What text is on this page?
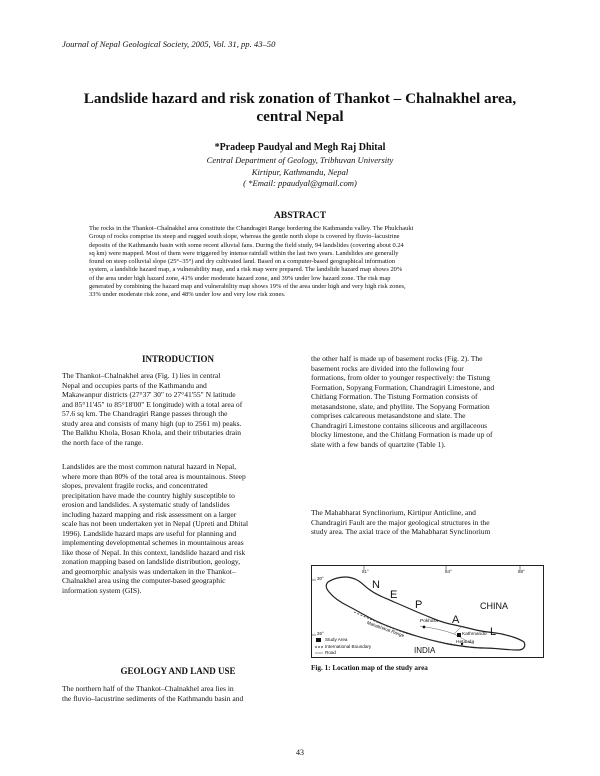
Journal of Nepal Geological Society, 2005, Vol. 31, pp. 43–50
Landslide hazard and risk zonation of Thankot – Chalnakhel area,
central Nepal
*Pradeep Paudyal and Megh Raj Dhital
Central Department of Geology, Tribhuvan University
Kirtipur, Kathmandu, Nepal
( *Email: ppaudyal@gmail.com)
ABSTRACT
The rocks in the Thankot–Chalnakhel area constitute the Chandragiri Range bordering the Kathmandu valley. The Phulchauki
Group of rocks comprise its steep and rugged south slope, whereas the gentle north slope is covered by fluvio–lacustrine
deposits of the Kathmandu basin with some recent alluvial fans. During the field study, 94 landslides (covering about 0.24
sq km) were mapped. Most of them were triggered by intense rainfall within the last two years. Landslides are generally
found on steep colluvial slope (25°–35°) and dry cultivated land. Based on a computer-based geographical information
system, a landslide hazard map, a vulnerability map, and a risk map were prepared. The landslide hazard map shows 20%
of the area under high hazard zone, 41% under moderate hazard zone, and 39% under low hazard zone. The risk map
generated by combining the hazard map and vulnerability map shows 19% of the area under high and very high risk zones,
33% under moderate risk zone, and 48% under low and very low risk zones.
INTRODUCTION
The Thankot–Chalnakhel area (Fig. 1) lies in central
Nepal and occupies parts of the Kathmandu and
Makawanpur districts (27°37' 30" to 27°41'55" N latitude
and 85°11'45" to 85°18'00" E longitude) with a total area of
57.6 sq km. The Chandragiri Range passes through the
study area and consists of many high (up to 2561 m) peaks.
The Balkhu Khola, Bosan Khola, and their tributaries drain
the north face of the range.
Landslides are the most common natural hazard in Nepal,
where more than 80% of the total area is mountainous. Steep
slopes, prevalent fragile rocks, and concentrated
precipitation have made the country highly susceptible to
erosion and landslides. A systematic study of landslides
including hazard mapping and risk assessment on a larger
scale has not been undertaken yet in Nepal (Upreti and Dhital
1996). Landslide hazard maps are useful for planning and
implementing developmental schemes in mountainous areas
like those of Nepal. In this context, landslide hazard and risk
zonation mapping based on landslide distribution, geology,
and geomorphic analysis was undertaken in the Thankot–
Chalnakhel area using the computer-based geographic
information system (GIS).
GEOLOGY AND LAND USE
The northern half of the Thankot–Chalnakhel area lies in
the fluvio–lacustrine sediments of the Kathmandu basin and
the other half is made up of basement rocks (Fig. 2). The
basement rocks are divided into the following four
formations, from older to younger respectively: the Tistung
Formation, Sopyang Formation, Chandragiri Limestone, and
Chitlang Formation. The Tistung Formation consists of
metasandstone, slate, and phyllite. The Sopyang Formation
comprises calcareous metasandstone and slate. The
Chandragiri Limestone contains siliceous and argillaceous
blocky limestone, and the Chitlang Formation is made up of
slate with a few bands of quartzite (Table 1).
The Mahabharat Synclinorium, Kirtipur Anticline, and
Chandragiri Fault are the major geological structures in the
study area. The axial trace of the Mahabharat Synclinorium
81°	84°	88°
30°
26°
N
E
P
A
L
CHINA
INDIA
Pokhara
Kathmandu
Hetauda
Mahabharat Range
Study Area
International Boundary
Road
Fig. 1: Location map of the study area
43
